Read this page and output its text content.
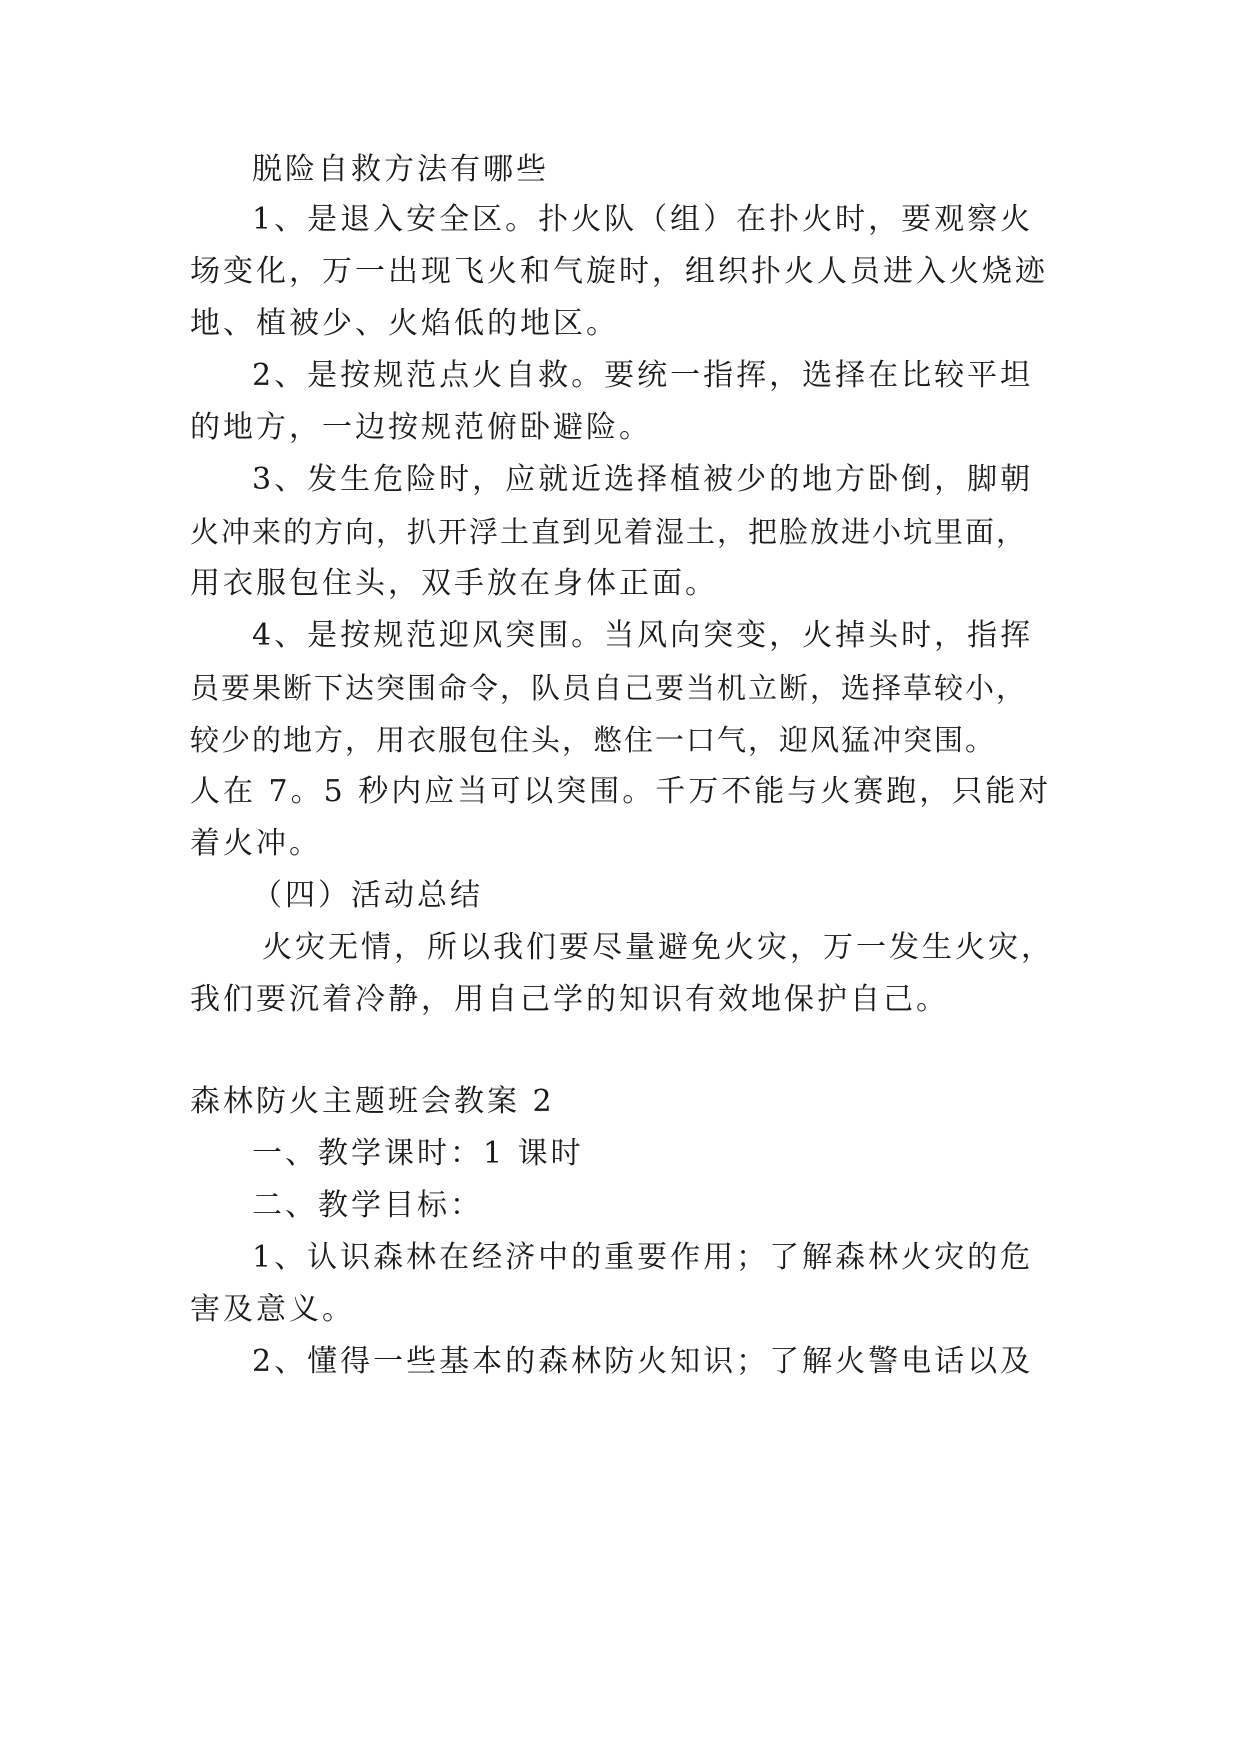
脱险自救方法有哪些
1、是退入安全区。扑火队（组）在扑火时，要观察火
场变化，万一出现飞火和气旋时，组织扑火人员进入火烧迹
地、植被少、火焰低的地区。
2、是按规范点火自救。要统一指挥，选择在比较平坦
的地方，一边按规范俯卧避险。
3、发生危险时，应就近选择植被少的地方卧倒，脚朝
火冲来的方向，扒开浮土直到见着湿土，把脸放进小坑里面，
用衣服包住头，双手放在身体正面。
4、是按规范迎风突围。当风向突变，火掉头时，指挥
员要果断下达突围命令，队员自己要当机立断，选择草较小，
较少的地方，用衣服包住头，憋住一口气，迎风猛冲突围。
人在 7。5 秒内应当可以突围。千万不能与火赛跑，只能对
着火冲。
（四）活动总结
火灾无情，所以我们要尽量避免火灾，万一发生火灾，
我们要沉着冷静，用自己学的知识有效地保护自己。
森林防火主题班会教案 2
一、教学课时：1 课时
二、教学目标：
1、认识森林在经济中的重要作用；了解森林火灾的危
害及意义。
2、懂得一些基本的森林防火知识；了解火警电话以及
